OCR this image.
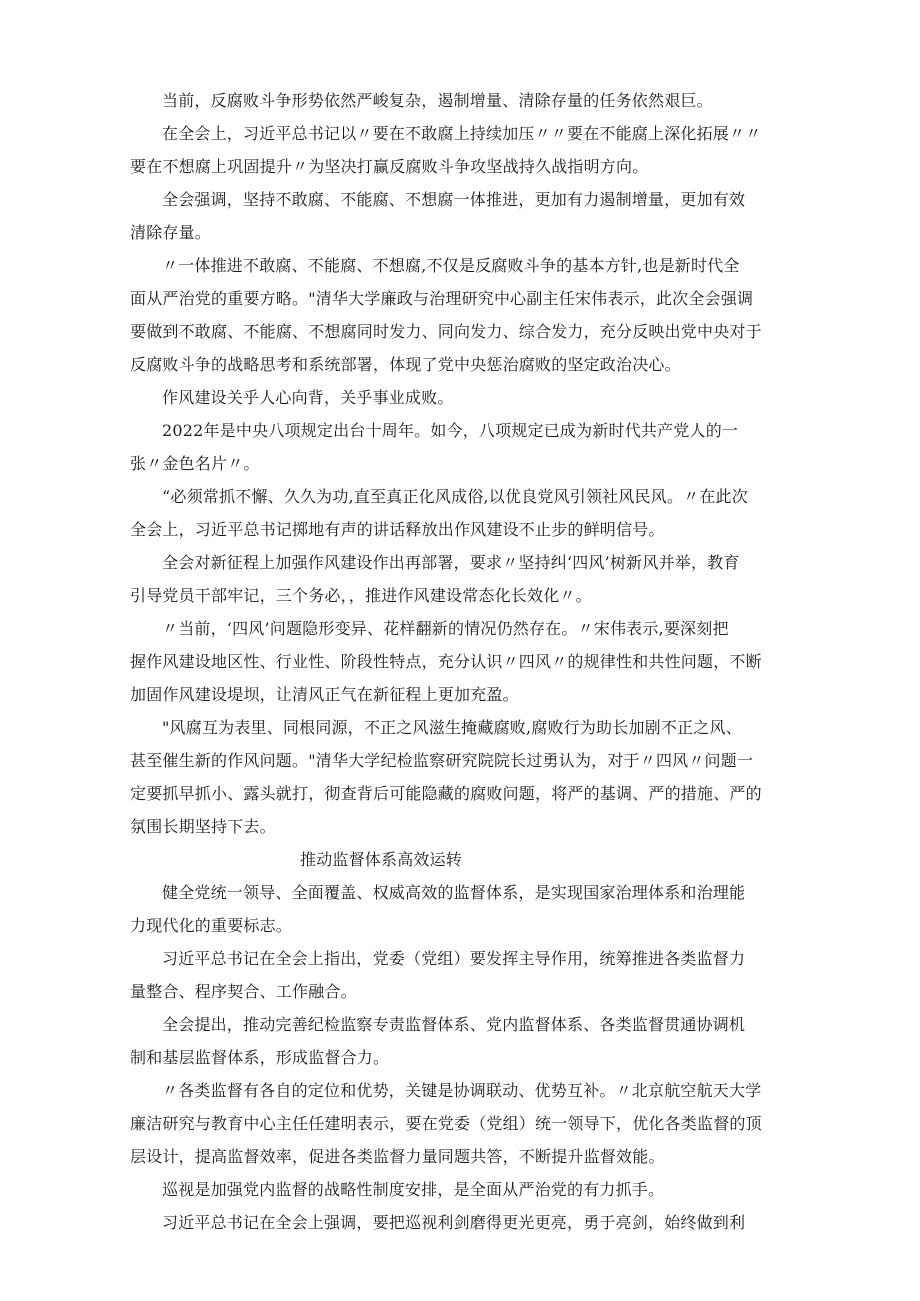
当前，反腐败斗争形势依然严峻复杂，遏制增量、清除存量的任务依然艰巨。

在全会上，习近平总书记以〃要在不敢腐上持续加压〃〃要在不能腐上深化拓展〃〃
要在不想腐上巩固提升〃为坚决打赢反腐败斗争攻坚战持久战指明方向。

全会强调，坚持不敢腐、不能腐、不想腐一体推进，更加有力遏制增量，更加有效
清除存量。

〃一体推进不敢腐、不能腐、不想腐,不仅是反腐败斗争的基本方针,也是新时代全
面从严治党的重要方略。"清华大学廉政与治理研究中心副主任宋伟表示，此次全会强调
要做到不敢腐、不能腐、不想腐同时发力、同向发力、综合发力，充分反映出党中央对于
反腐败斗争的战略思考和系统部署，体现了党中央惩治腐败的坚定政治决心。

作风建设关乎人心向背，关乎事业成败。

2022年是中央八项规定出台十周年。如今，八项规定已成为新时代共产党人的一
张〃金色名片〃。

“必须常抓不懈、久久为功,直至真正化风成俗,以优良党风引领社风民风。〃在此次
全会上，习近平总书记掷地有声的讲话释放出作风建设不止步的鲜明信号。

全会对新征程上加强作风建设作出再部署，要求〃坚持纠‘四风’树新风并举，教育
引导党员干部牢记，三个务必，，推进作风建设常态化长效化〃。

〃当前，‘四风’问题隐形变异、花样翻新的情况仍然存在。〃宋伟表示,要深刻把
握作风建设地区性、行业性、阶段性特点，充分认识〃四风〃的规律性和共性问题，不断
加固作风建设堤坝，让清风正气在新征程上更加充盈。

"风腐互为表里、同根同源，不正之风滋生掩藏腐败,腐败行为助长加剧不正之风、
甚至催生新的作风问题。"清华大学纪检监察研究院院长过勇认为，对于〃四风〃问题一
定要抓早抓小、露头就打，彻查背后可能隐藏的腐败问题，将严的基调、严的措施、严的
氛围长期坚持下去。

推动监督体系高效运转

健全党统一领导、全面覆盖、权威高效的监督体系，是实现国家治理体系和治理能
力现代化的重要标志。

习近平总书记在全会上指出，党委（党组）要发挥主导作用，统筹推进各类监督力
量整合、程序契合、工作融合。

全会提出，推动完善纪检监察专责监督体系、党内监督体系、各类监督贯通协调机
制和基层监督体系，形成监督合力。

〃各类监督有各自的定位和优势，关键是协调联动、优势互补。〃北京航空航天大学
廉洁研究与教育中心主任任建明表示，要在党委（党组）统一领导下，优化各类监督的顶
层设计，提高监督效率，促进各类监督力量同题共答，不断提升监督效能。

巡视是加强党内监督的战略性制度安排，是全面从严治党的有力抓手。

习近平总书记在全会上强调，要把巡视利剑磨得更光更亮，勇于亮剑，始终做到利
